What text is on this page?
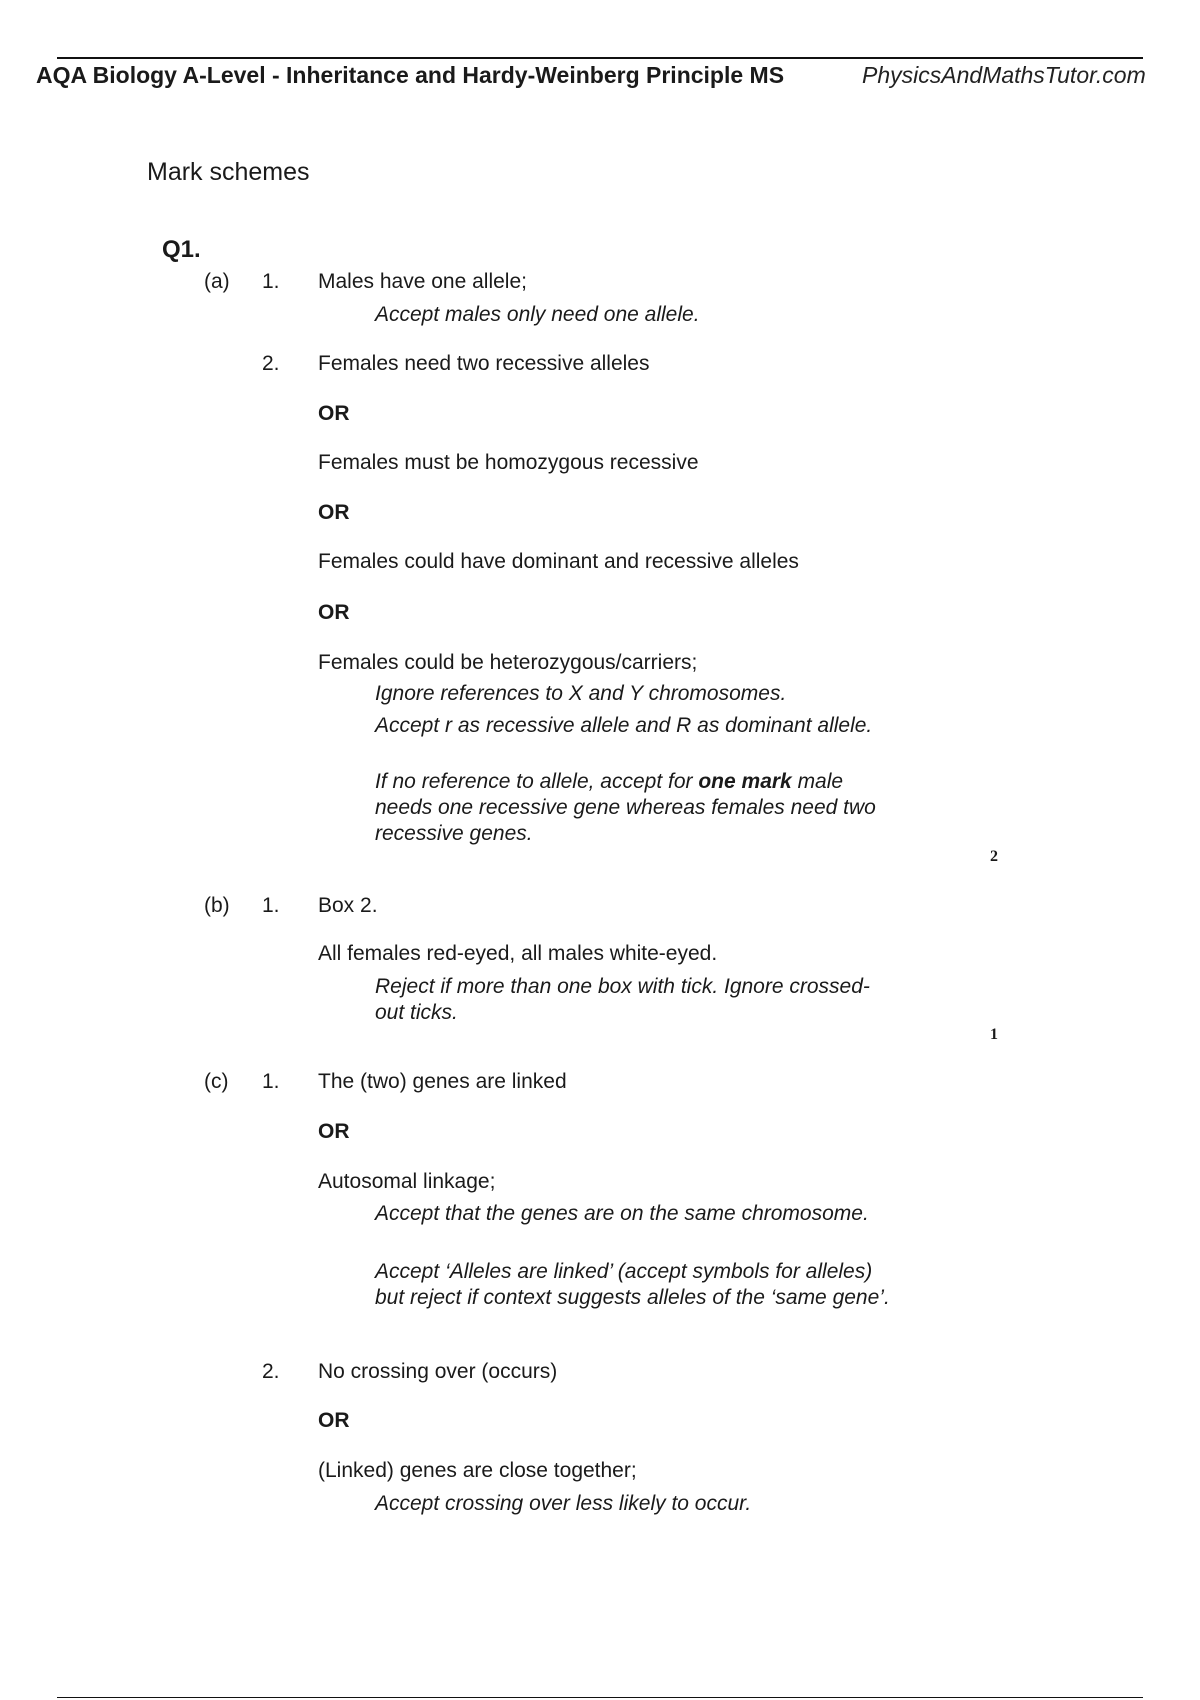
AQA Biology A-Level - Inheritance and Hardy-Weinberg Principle MS	PhysicsAndMathsTutor.com
Mark schemes
Q1.
(a) 1. Males have one allele;
Accept males only need one allele.
2. Females need two recessive alleles
OR
Females must be homozygous recessive
OR
Females could have dominant and recessive alleles
OR
Females could be heterozygous/carriers;
Ignore references to X and Y chromosomes.
Accept r as recessive allele and R as dominant allele.
If no reference to allele, accept for one mark male needs one recessive gene whereas females need two recessive genes.
2
(b) 1. Box 2.
All females red-eyed, all males white-eyed.
Reject if more than one box with tick. Ignore crossed-out ticks.
1
(c) 1. The (two) genes are linked
OR
Autosomal linkage;
Accept that the genes are on the same chromosome.
Accept ‘Alleles are linked’ (accept symbols for alleles) but reject if context suggests alleles of the ‘same gene’.
2. No crossing over (occurs)
OR
(Linked) genes are close together;
Accept crossing over less likely to occur.
